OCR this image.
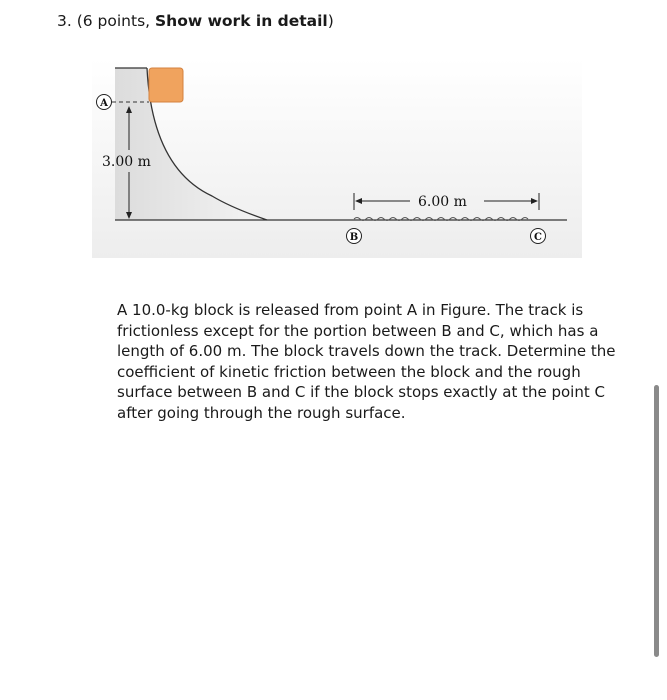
3. (6 points, Show work in detail)
A
3.00 m
6.00 m
B	C

A 10.0-kg block is released from point A in Figure. The track is frictionless except for the portion between B and C, which has a length of 6.00 m. The block travels down the track. Determine the coefficient of kinetic friction between the block and the rough surface between B and C if the block stops exactly at the point C after going through the rough surface.
